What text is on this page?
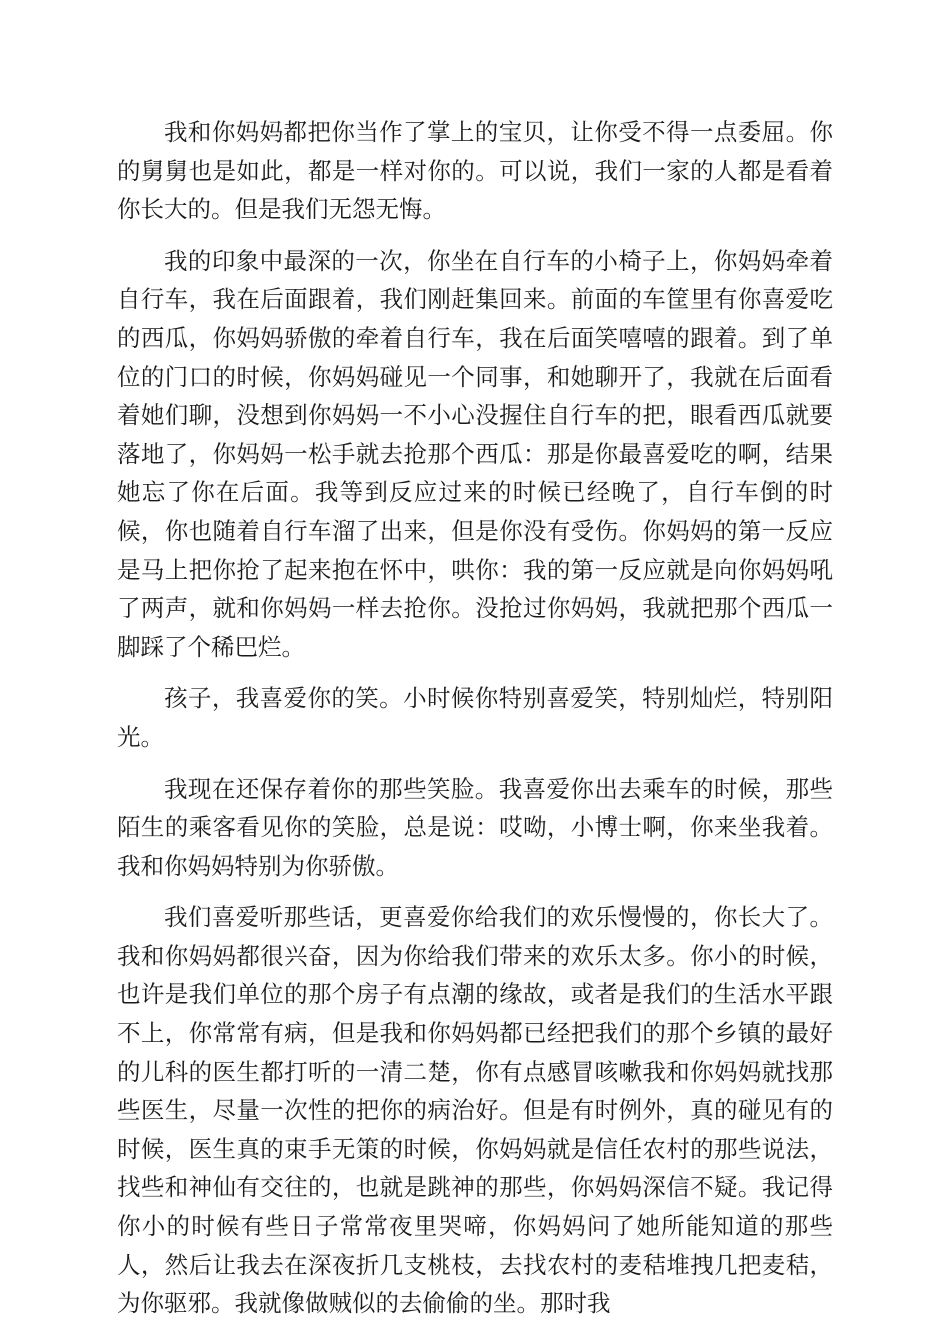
我和你妈妈都把你当作了掌上的宝贝，让你受不得一点委屈。你的舅舅也是如此，都是一样对你的。可以说，我们一家的人都是看着你长大的。但是我们无怨无悔。

我的印象中最深的一次，你坐在自行车的小椅子上，你妈妈牵着自行车，我在后面跟着，我们刚赶集回来。前面的车筐里有你喜爱吃的西瓜，你妈妈骄傲的牵着自行车，我在后面笑嘻嘻的跟着。到了单位的门口的时候，你妈妈碰见一个同事，和她聊开了，我就在后面看着她们聊，没想到你妈妈一不小心没握住自行车的把，眼看西瓜就要落地了，你妈妈一松手就去抢那个西瓜：那是你最喜爱吃的啊，结果她忘了你在后面。我等到反应过来的时候已经晚了，自行车倒的时候，你也随着自行车溜了出来，但是你没有受伤。你妈妈的第一反应是马上把你抢了起来抱在怀中，哄你：我的第一反应就是向你妈妈吼了两声，就和你妈妈一样去抢你。没抢过你妈妈，我就把那个西瓜一脚踩了个稀巴烂。

孩子，我喜爱你的笑。小时候你特别喜爱笑，特别灿烂，特别阳光。

我现在还保存着你的那些笑脸。我喜爱你出去乘车的时候，那些陌生的乘客看见你的笑脸，总是说：哎呦，小博士啊，你来坐我着。我和你妈妈特别为你骄傲。

我们喜爱听那些话，更喜爱你给我们的欢乐慢慢的，你长大了。我和你妈妈都很兴奋，因为你给我们带来的欢乐太多。你小的时候，也许是我们单位的那个房子有点潮的缘故，或者是我们的生活水平跟不上，你常常有病，但是我和你妈妈都已经把我们的那个乡镇的最好的儿科的医生都打听的一清二楚，你有点感冒咳嗽我和你妈妈就找那些医生，尽量一次性的把你的病治好。但是有时例外，真的碰见有的时候，医生真的束手无策的时候，你妈妈就是信任农村的那些说法，找些和神仙有交往的，也就是跳神的那些，你妈妈深信不疑。我记得你小的时候有些日子常常夜里哭啼，你妈妈问了她所能知道的那些人，然后让我去在深夜折几支桃枝，去找农村的麦秸堆拽几把麦秸，为你驱邪。我就像做贼似的去偷偷的坐。那时我
